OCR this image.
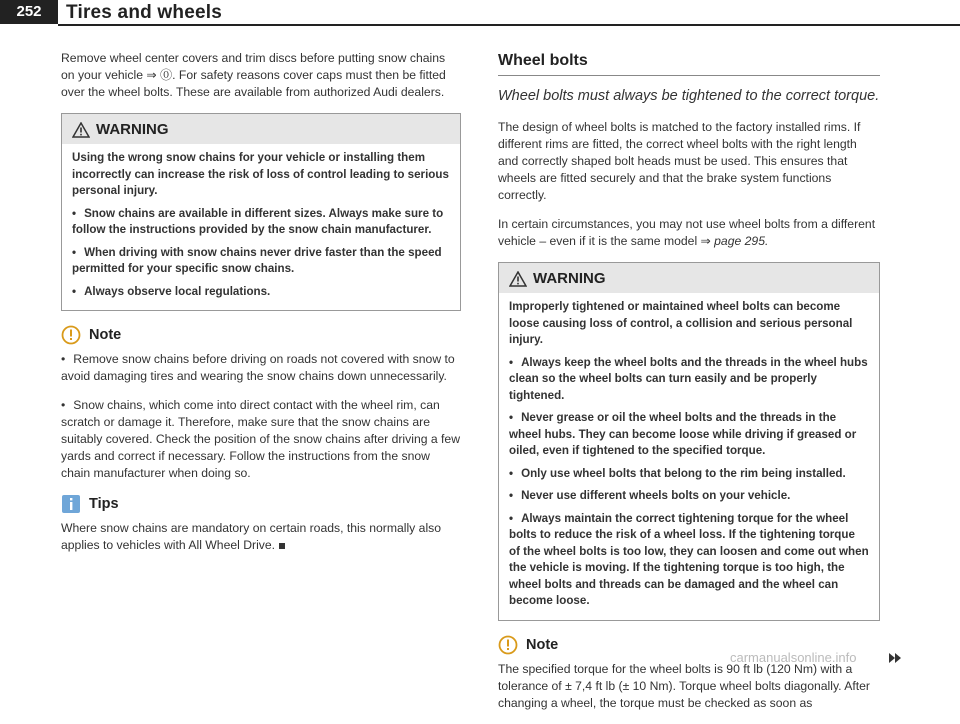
252	Tires and wheels

Remove wheel center covers and trim discs before putting snow chains on your vehicle ⇒ ⓪. For safety reasons cover caps must then be fitted over the wheel bolts. These are available from authorized Audi dealers.

WARNING

Using the wrong snow chains for your vehicle or installing them incorrectly can increase the risk of loss of control leading to serious personal injury.

• Snow chains are available in different sizes. Always make sure to follow the instructions provided by the snow chain manufacturer.

• When driving with snow chains never drive faster than the speed permitted for your specific snow chains.

• Always observe local regulations.

Note

• Remove snow chains before driving on roads not covered with snow to avoid damaging tires and wearing the snow chains down unnecessarily.

• Snow chains, which come into direct contact with the wheel rim, can scratch or damage it. Therefore, make sure that the snow chains are suitably covered. Check the position of the snow chains after driving a few yards and correct if necessary. Follow the instructions from the snow chain manufacturer when doing so.

Tips

Where snow chains are mandatory on certain roads, this normally also applies to vehicles with All Wheel Drive.

Wheel bolts
Wheel bolts must always be tightened to the correct torque.

The design of wheel bolts is matched to the factory installed rims. If different rims are fitted, the correct wheel bolts with the right length and correctly shaped bolt heads must be used. This ensures that wheels are fitted securely and that the brake system functions correctly.

In certain circumstances, you may not use wheel bolts from a different vehicle – even if it is the same model ⇒ page 295.

WARNING

Improperly tightened or maintained wheel bolts can become loose causing loss of control, a collision and serious personal injury.

• Always keep the wheel bolts and the threads in the wheel hubs clean so the wheel bolts can turn easily and be properly tightened.

• Never grease or oil the wheel bolts and the threads in the wheel hubs. They can become loose while driving if greased or oiled, even if tightened to the specified torque.

• Only use wheel bolts that belong to the rim being installed.

• Never use different wheels bolts on your vehicle.

• Always maintain the correct tightening torque for the wheel bolts to reduce the risk of a wheel loss. If the tightening torque of the wheel bolts is too low, they can loosen and come out when the vehicle is moving. If the tightening torque is too high, the wheel bolts and threads can be damaged and the wheel can become loose.

Note

The specified torque for the wheel bolts is 90 ft lb (120 Nm) with a tolerance of ± 7,4 ft lb (± 10 Nm). Torque wheel bolts diagonally. After changing a wheel, the torque must be checked as soon as

carmanualsonline.info
